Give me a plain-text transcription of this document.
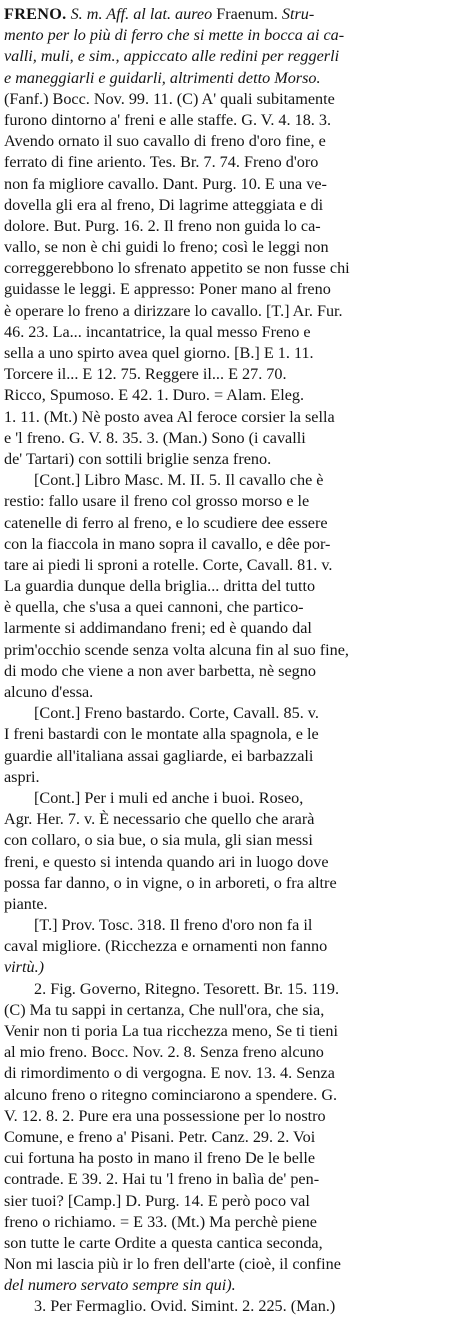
FRENO. S. m. Aff. al lat. aureo Fraenum. Stru-
mento per lo più di ferro che si mette in bocca ai ca-
valli, muli, e sim., appiccato alle redini per reggerli
e maneggiarli e guidarli, altrimenti detto Morso.
(Fanf.) Bocc. Nov. 99. 11. (C) A' quali subitamente
furono dintorno a' freni e alle staffe. G. V. 4. 18. 3.
Avendo ornato il suo cavallo di freno d'oro fine, e
ferrato di fine ariento. Tes. Br. 7. 74. Freno d'oro
non fa migliore cavallo. Dant. Purg. 10. E una ve-
dovella gli era al freno, Di lagrime atteggiata e di
dolore. But. Purg. 16. 2. Il freno non guida lo ca-
vallo, se non è chi guidi lo freno; così le leggi non
correggerebbono lo sfrenato appetito se non fusse chi
guidasse le leggi. E appresso: Poner mano al freno
è operare lo freno a dirizzare lo cavallo. [T.] Ar. Fur.
46. 23. La... incantatrice, la qual messo Freno e
sella a uno spirto avea quel giorno. [B.] E 1. 11.
Torcere il... E 12. 75. Reggere il... E 27. 70.
Ricco, Spumoso. E 42. 1. Duro. = Alam. Eleg.
1. 11. (Mt.) Nè posto avea Al feroce corsier la sella
e 'l freno. G. V. 8. 35. 3. (Man.) Sono (i cavalli
de' Tartari) con sottili briglie senza freno.
[Cont.] Libro Masc. M. II. 5. Il cavallo che è
restio: fallo usare il freno col grosso morso e le
catenelle di ferro al freno, e lo scudiere dee essere
con la fiaccola in mano sopra il cavallo, e dêe por-
tare ai piedi li sproni a rotelle. Corte, Cavall. 81. v.
La guardia dunque della briglia... dritta del tutto
è quella, che s'usa a quei cannoni, che partico-
larmente si addimandano freni; ed è quando dal
prim'occhio scende senza volta alcuna fin al suo fine,
di modo che viene a non aver barbetta, nè segno
alcuno d'essa.
[Cont.] Freno bastardo. Corte, Cavall. 85. v.
I freni bastardi con le montate alla spagnola, e le
guardie all'italiana assai gagliarde, ei barbazzali
aspri.
[Cont.] Per i muli ed anche i buoi. Roseo,
Agr. Her. 7. v. È necessario che quello che ararà
con collaro, o sia bue, o sia mula, gli sian messi
freni, e questo si intenda quando ari in luogo dove
possa far danno, o in vigne, o in arboreti, o fra altre
piante.
[T.] Prov. Tosc. 318. Il freno d'oro non fa il
caval migliore. (Ricchezza e ornamenti non fanno
virtù.)
2. Fig. Governo, Ritegno. Tesorett. Br. 15. 119.
(C) Ma tu sappi in certanza, Che null'ora, che sia,
Venir non ti poria La tua ricchezza meno, Se ti tieni
al mio freno. Bocc. Nov. 2. 8. Senza freno alcuno
di rimordimento o di vergogna. E nov. 13. 4. Senza
alcuno freno o ritegno cominciarono a spendere. G.
V. 12. 8. 2. Pure era una possessione per lo nostro
Comune, e freno a' Pisani. Petr. Canz. 29. 2. Voi
cui fortuna ha posto in mano il freno De le belle
contrade. E 39. 2. Hai tu 'l freno in balìa de' pen-
sier tuoi? [Camp.] D. Purg. 14. E però poco val
freno o richiamo. = E 33. (Mt.) Ma perchè piene
son tutte le carte Ordite a questa cantica seconda,
Non mi lascia più ir lo fren dell'arte (cioè, il confine
del numero servato sempre sin qui).
3. Per Fermaglio. Ovid. Simint. 2. 225. (Man.)
